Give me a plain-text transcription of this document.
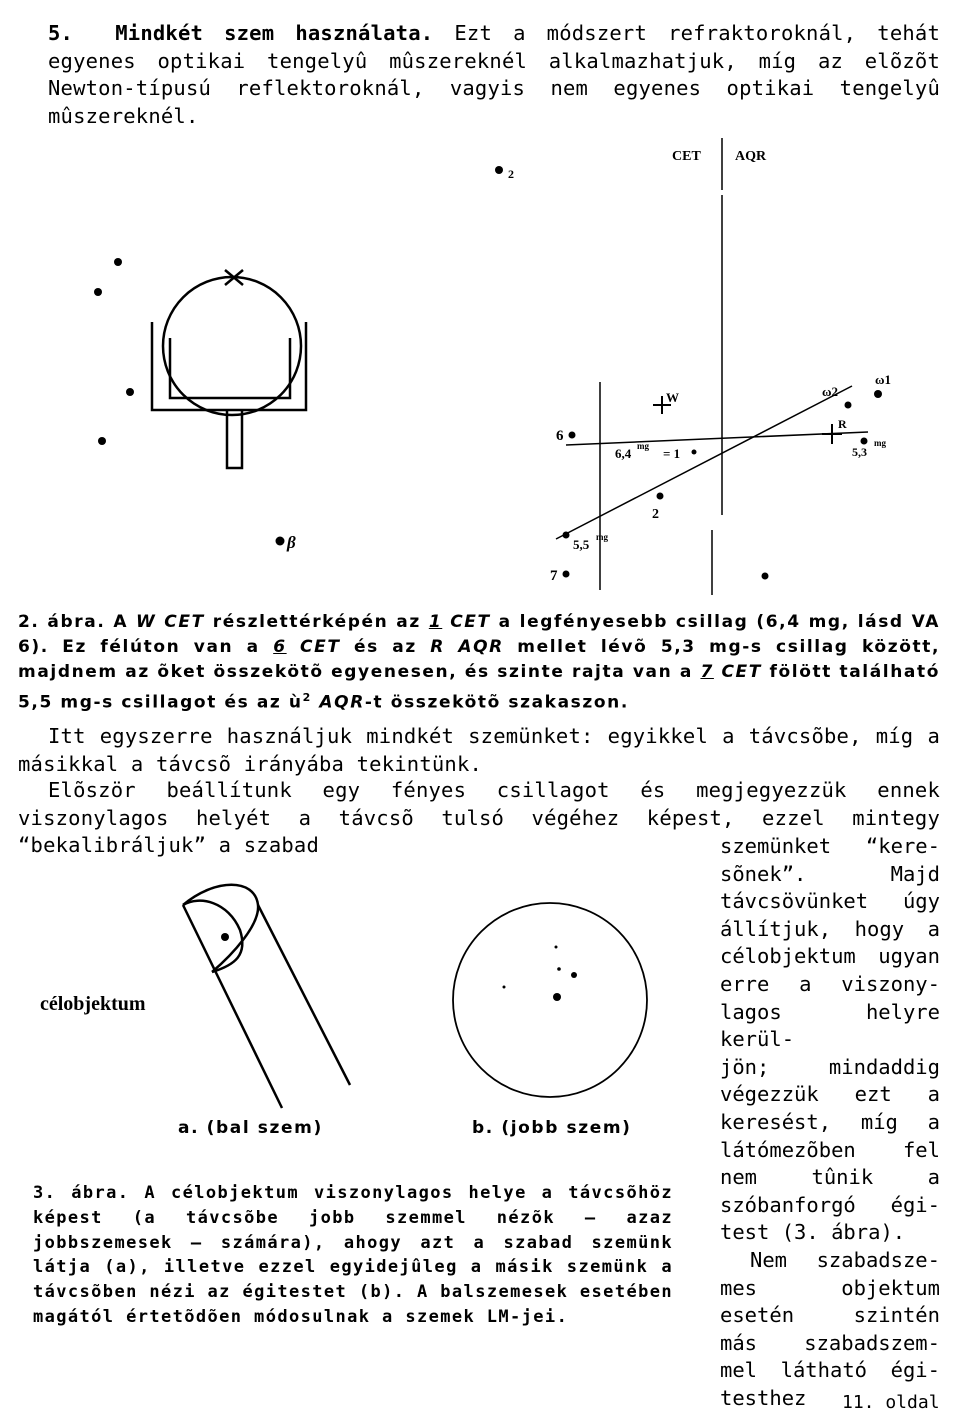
5. Mindkét szem használata. Ezt a módszert refraktoroknál, tehát egyenes optikai tengelyû mûszereknél alkalmazhatjuk, míg az elõzõt Newton-típusú reflektoroknál, vagyis nem egyenes optikai tengelyû mûszereknél.
2
β
CET AQR
W	ω2
ω1
R
5,3
mg
6
6,4 mg = 1
2
5,5 mg
7
2. ábra. A W CET részlettérképén az 1 CET a legfényesebb csillag (6,4 mg, lásd VA 6). Ez félúton van a 6 CET és az R AQR mellet lévõ 5,3 mg-s csillag között, majdnem az õket összekötõ egyenesen, és szinte rajta van a 7 CET fölött található 5,5 mg-s csillagot és az $ù^2$ AQR-t összekötõ szakaszon.
Itt egyszerre használjuk mindkét szemünket: egyikkel a távcsõbe, míg a másikkal a távcsõ irányába tekintünk.
Elõször beállítunk egy fényes csillagot és megjegyezzük ennek viszonylagos helyét a távcsõ tulsó végéhez képest, ezzel mintegy “bekalibráljuk” a szabad	szemünket “kere-
sõnek”. Majd
távcsövünket úgy
állítjuk, hogy a
célobjektum ugyan
erre a viszony-
lagos helyre kerül-
jön; mindaddig
végezzük ezt a
keresést, míg a
látómezõben fel
nem tûnik a
szóbanforgó égi-
test (3. ábra).
Nem szabadsze-
mes objektum
esetén szintén
más szabadszem-
mel látható égi-
testhez
célobjektum
a. (bal szem)	b. (jobb szem)
3. ábra. A célobjektum viszonylagos helye a távcsõhöz képest (a távcsõbe jobb szemmel nézõk — azaz jobbszemesek — számára), ahogy azt a szabad szemünk látja (a), illetve ezzel egyidejûleg a másik szemünk a távcsõben nézi az égitestet (b). A balszemesek esetében magától értetõdõen módosulnak a szemek LM-jei.
11. oldal
